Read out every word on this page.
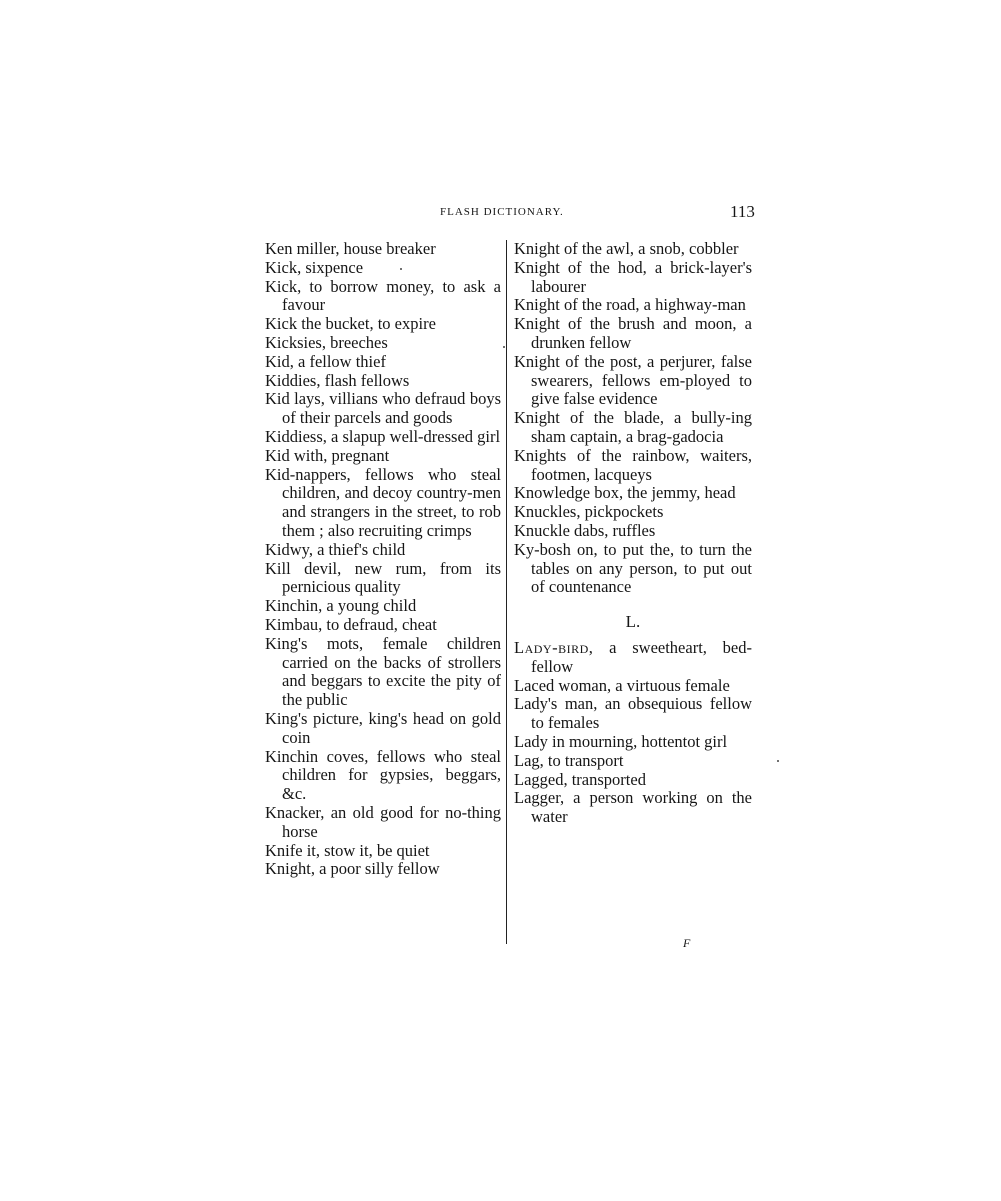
FLASH DICTIONARY.	113
Ken miller, house breaker
Kick, sixpence
Kick, to borrow money, to ask a favour
Kick the bucket, to expire
Kicksies, breeches
Kid, a fellow thief
Kiddies, flash fellows
Kid lays, villians who defraud boys of their parcels and goods
Kiddiess, a slapup well-dressed girl
Kid with, pregnant
Kid-nappers, fellows who steal children, and decoy country-men and strangers in the street, to rob them ; also recruiting crimps
Kidwy, a thief's child
Kill devil, new rum, from its pernicious quality
Kinchin, a young child
Kimbau, to defraud, cheat
King's mots, female children carried on the backs of strollers and beggars to excite the pity of the public
King's picture, king's head on gold coin
Kinchin coves, fellows who steal children for gypsies, beggars, &c.
Knacker, an old good for no-thing horse
Knife it, stow it, be quiet
Knight, a poor silly fellow
Knight of the awl, a snob, cobbler
Knight of the hod, a brick-layer's labourer
Knight of the road, a highway-man
Knight of the brush and moon, a drunken fellow
Knight of the post, a perjurer, false swearers, fellows em-ployed to give false evidence
Knight of the blade, a bully-ing sham captain, a brag-gadocia
Knights of the rainbow, waiters, footmen, lacqueys
Knowledge box, the jemmy, head
Knuckles, pickpockets
Knuckle dabs, ruffles
Ky-bosh on, to put the, to turn the tables on any person, to put out of countenance
L.
Lady-bird, a sweetheart, bed-fellow
Laced woman, a virtuous female
Lady's man, an obsequious fellow to females
Lady in mourning, hottentot girl
Lag, to transport
Lagged, transported
Lagger, a person working on the water
F
